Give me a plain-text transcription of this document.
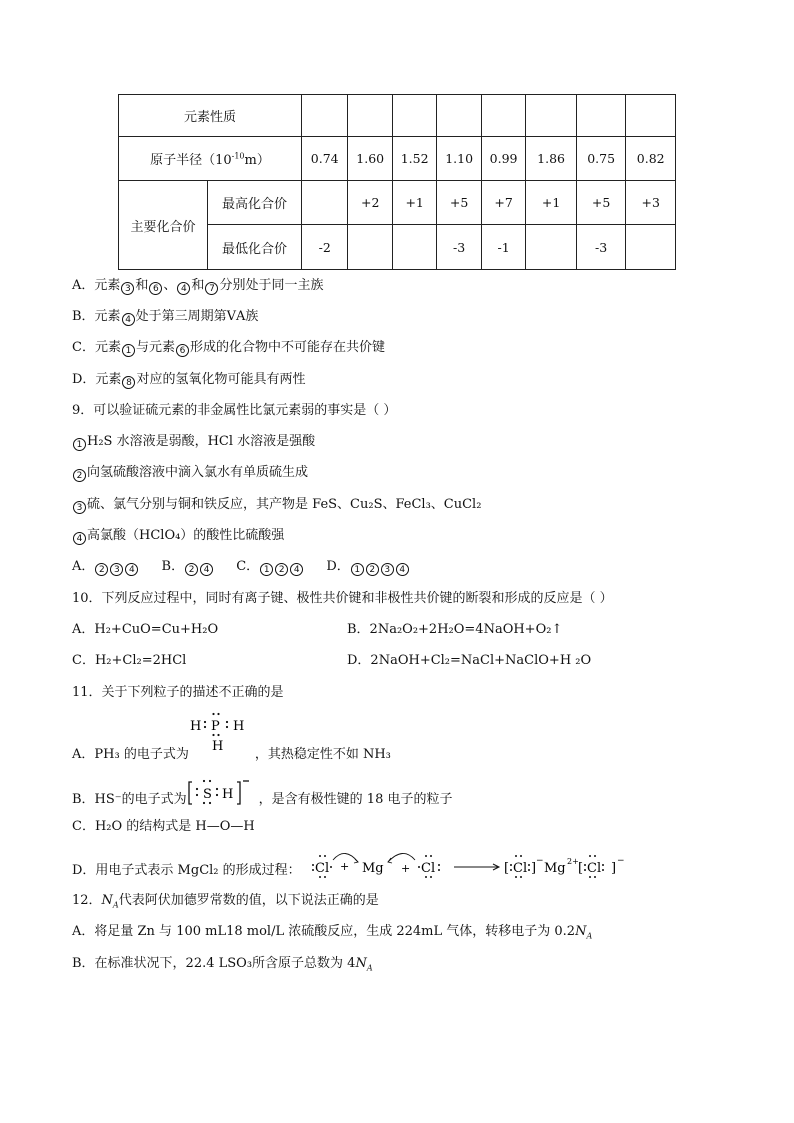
元素性质									
原子半径$(10^{-10}m)$		0.74	1.60	1.52	1.10	0.99	1.86	0.75	0.82
主要化合价	最高化合价		+2	+1	+5	+7	+1	+5	+3
	最低化合价	-2			-3	-1		-3	
A．元素 3 和 6 、 4 和 7 分别处于同一主族
B．元素 4 处于第三周期第ⅤA族
C．元素 1 与元素 6 形成的化合物中不可能存在共价键
D．元素 8 对应的氢氧化物可能具有两性
9．可以验证硫元素的非金属性比氯元素弱的事实是（ ）
1 H₂S 水溶液是弱酸，HCl 水溶液是强酸
2 向氢硫酸溶液中滴入氯水有单质硫生成
3 硫、氯气分别与铜和铁反应，其产物是 FeS、Cu₂S、FeCl₃、CuCl₂
4 高氯酸（HClO₄）的酸性比硫酸强
A． 2 3 4 B． 2 4 C． 1 2 4 D． 1 2 3 4
10．下列反应过程中，同时有离子键、极性共价键和非极性共价键的断裂和形成的反应是（ ）
A．H₂+CuO=Cu+H₂O	B．2Na₂O₂+2H₂O=4NaOH+O₂↑
C．H₂+Cl₂=2HCl	D．2NaOH+Cl₂=NaCl+NaClO+H ₂O
11．关于下列粒子的描述不正确的是
H P H
H
A．PH₃ 的电子式为	，其热稳定性不如 NH₃
S H
B．HS⁻的电子式为	，是含有极性键的 18 电子的粒子
C．H₂O 的结构式是 H—O—H
D．用电子式表示 MgCl₂ 的形成过程： Cl + Mg + Cl	[ Cl ] − Mg 2+ [ Cl ] −
12．$N_A$代表阿伏加德罗常数的值，以下说法正确的是
A．将足量 Zn 与 100 mL18 mol/L 浓硫酸反应，生成 224mL 气体，转移电子为 $0.2N_A$
B．在标准状况下，22.4 LSO₃所含原子总数为 $4N_A$
